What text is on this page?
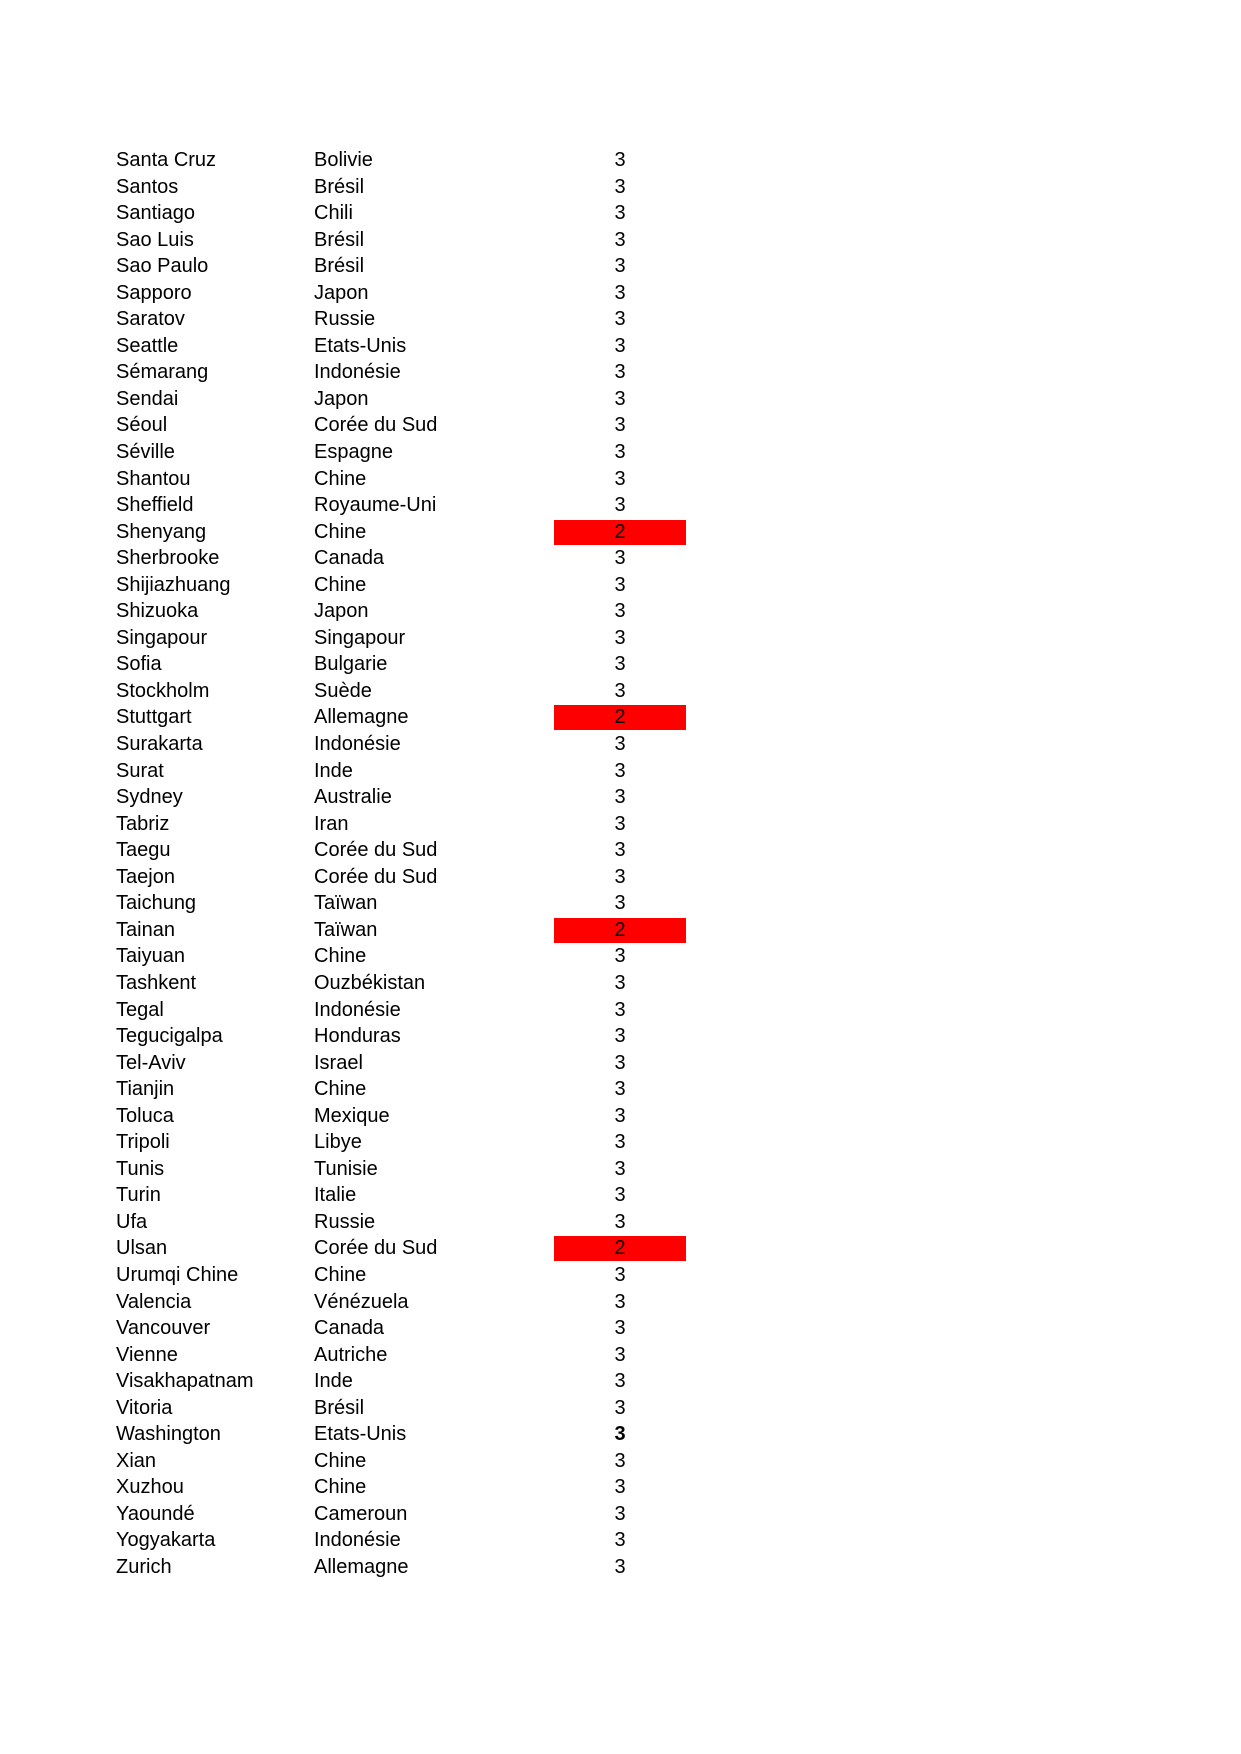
Santa Cruz	Bolivie	3
Santos	Brésil	3
Santiago	Chili	3
Sao Luis	Brésil	3
Sao Paulo	Brésil	3
Sapporo	Japon	3
Saratov	Russie	3
Seattle	Etats-Unis	3
Sémarang	Indonésie	3
Sendai	Japon	3
Séoul	Corée du Sud	3
Séville	Espagne	3
Shantou	Chine	3
Sheffield	Royaume-Uni	3
Shenyang	Chine	2
Sherbrooke	Canada	3
Shijiazhuang	Chine	3
Shizuoka	Japon	3
Singapour	Singapour	3
Sofia	Bulgarie	3
Stockholm	Suède	3
Stuttgart	Allemagne	2
Surakarta	Indonésie	3
Surat	Inde	3
Sydney	Australie	3
Tabriz	Iran	3
Taegu	Corée du Sud	3
Taejon	Corée du Sud	3
Taichung	Taïwan	3
Tainan	Taïwan	2
Taiyuan	Chine	3
Tashkent	Ouzbékistan	3
Tegal	Indonésie	3
Tegucigalpa	Honduras	3
Tel-Aviv	Israel	3
Tianjin	Chine	3
Toluca	Mexique	3
Tripoli	Libye	3
Tunis	Tunisie	3
Turin	Italie	3
Ufa	Russie	3
Ulsan	Corée du Sud	2
Urumqi Chine	Chine	3
Valencia	Vénézuela	3
Vancouver	Canada	3
Vienne	Autriche	3
Visakhapatnam	Inde	3
Vitoria	Brésil	3
Washington	Etats-Unis	3
Xian	Chine	3
Xuzhou	Chine	3
Yaoundé	Cameroun	3
Yogyakarta	Indonésie	3
Zurich	Allemagne	3
